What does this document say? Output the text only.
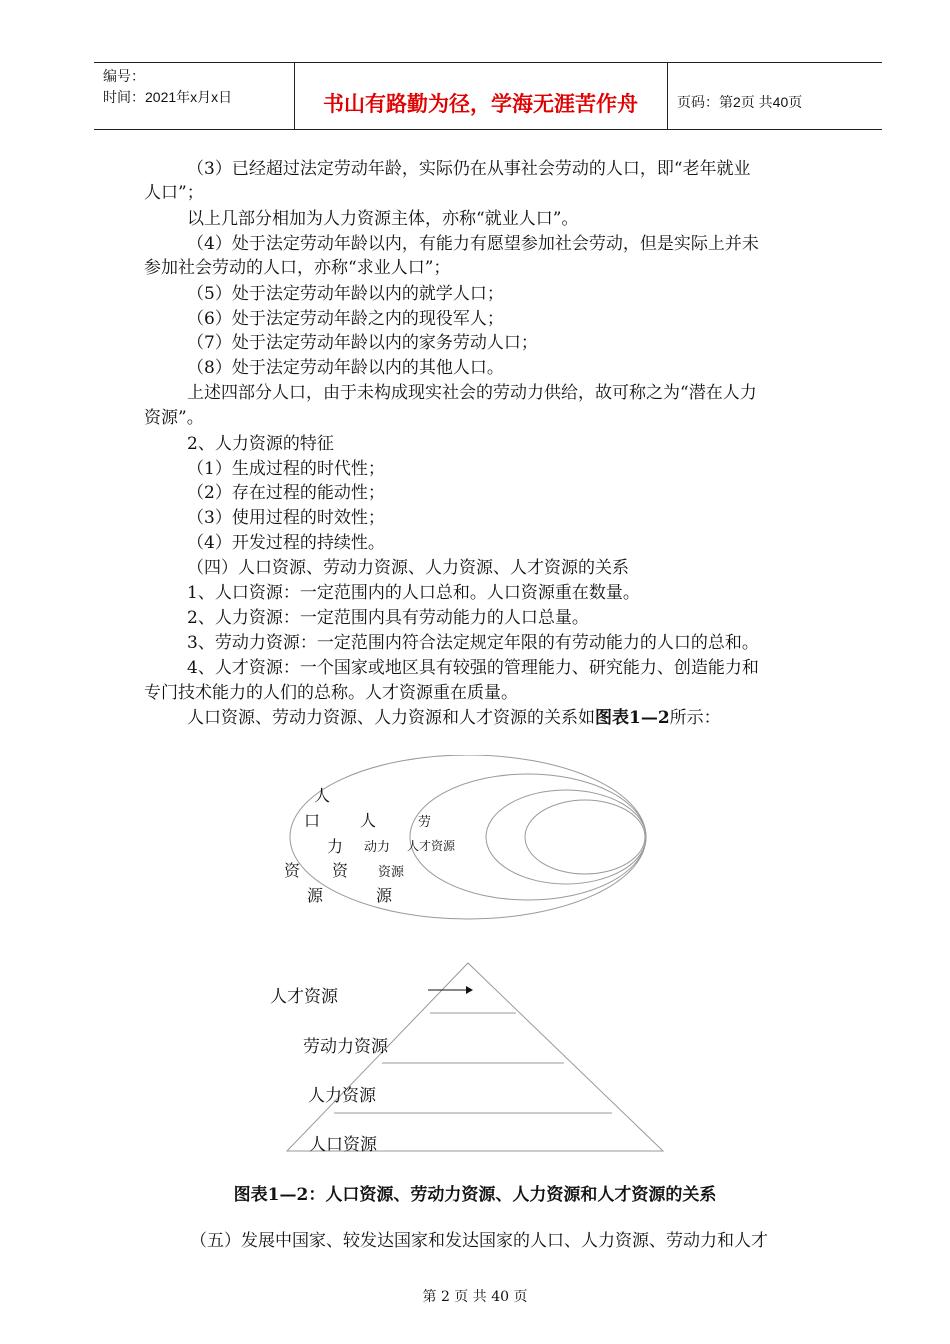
编号：
时间：2021年x月x日	书山有路勤为径，学海无涯苦作舟	页码：第2页 共40页
（3）已经超过法定劳动年龄，实际仍在从事社会劳动的人口，即“老年就业
人口”；
以上几部分相加为人力资源主体，亦称“就业人口”。
（4）处于法定劳动年龄以内，有能力有愿望参加社会劳动，但是实际上并未
参加社会劳动的人口，亦称“求业人口”；
（5）处于法定劳动年龄以内的就学人口；
（6）处于法定劳动年龄之内的现役军人；
（7）处于法定劳动年龄以内的家务劳动人口；
（8）处于法定劳动年龄以内的其他人口。
上述四部分人口，由于未构成现实社会的劳动力供给，故可称之为“潜在人力
资源”。
2、人力资源的特征
（1）生成过程的时代性；
（2）存在过程的能动性；
（3）使用过程的时效性；
（4）开发过程的持续性。
（四）人口资源、劳动力资源、人力资源、人才资源的关系
1、人口资源：一定范围内的人口总和。人口资源重在数量。
2、人力资源：一定范围内具有劳动能力的人口总量。
3、劳动力资源：一定范围内符合法定规定年限的有劳动能力的人口的总和。
4、人才资源：一个国家或地区具有较强的管理能力、研究能力、创造能力和
专门技术能力的人们的总称。人才资源重在质量。
人口资源、劳动力资源、人力资源和人才资源的关系如图表1—2所示：
人
口
资
源
人
力
资
源
劳
动力
资源
人才资源
人才资源
劳动力资源
人力资源
人口资源
图表1—2：人口资源、劳动力资源、人力资源和人才资源的关系
（五）发展中国家、较发达国家和发达国家的人口、人力资源、劳动力和人才
第 2 页 共 40 页
